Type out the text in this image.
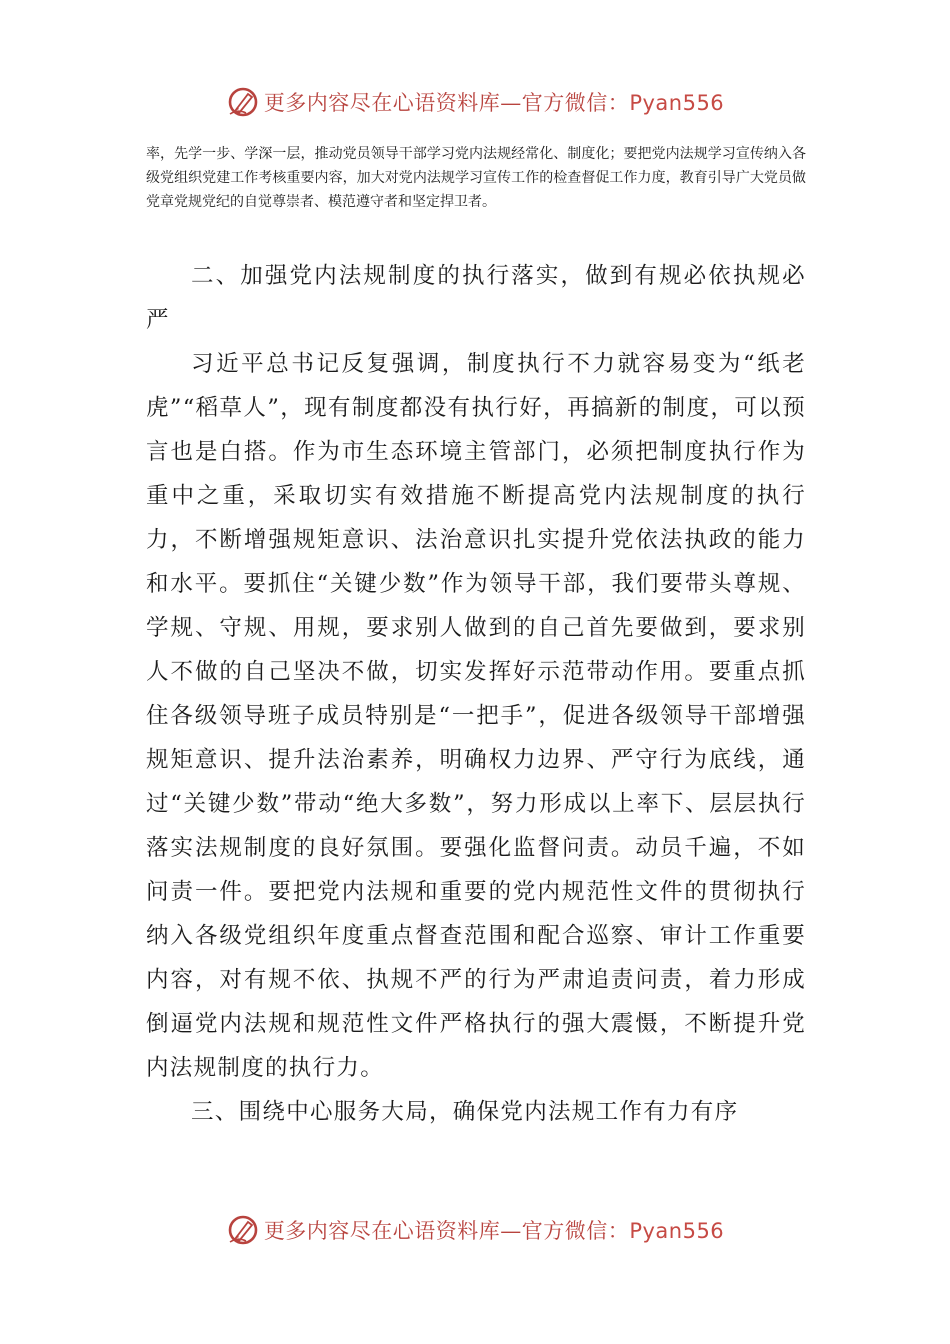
更多内容尽在心语资料库—官方微信：Pyan556

率，先学一步、学深一层，推动党员领导干部学习党内法规经常化、制度化；要把党内法规学习宣传纳入各级党组织党建工作考核重要内容，加大对党内法规学习宣传工作的检查督促工作力度，教育引导广大党员做党章党规党纪的自觉尊崇者、模范遵守者和坚定捍卫者。

二、加强党内法规制度的执行落实，做到有规必依执规必严

习近平总书记反复强调，制度执行不力就容易变为“纸老虎”“稻草人”，现有制度都没有执行好，再搞新的制度，可以预言也是白搭。作为市生态环境主管部门，必须把制度执行作为重中之重，采取切实有效措施不断提高党内法规制度的执行力，不断增强规矩意识、法治意识扎实提升党依法执政的能力和水平。要抓住“关键少数”作为领导干部，我们要带头尊规、学规、守规、用规，要求别人做到的自己首先要做到，要求别人不做的自己坚决不做，切实发挥好示范带动作用。要重点抓住各级领导班子成员特别是“一把手”，促进各级领导干部增强规矩意识、提升法治素养，明确权力边界、严守行为底线，通过“关键少数”带动“绝大多数”，努力形成以上率下、层层执行落实法规制度的良好氛围。要强化监督问责。动员千遍，不如问责一件。要把党内法规和重要的党内规范性文件的贯彻执行纳入各级党组织年度重点督查范围和配合巡察、审计工作重要内容，对有规不依、执规不严的行为严肃追责问责，着力形成倒逼党内法规和规范性文件严格执行的强大震慑，不断提升党内法规制度的执行力。

三、围绕中心服务大局，确保党内法规工作有力有序

更多内容尽在心语资料库—官方微信：Pyan556
